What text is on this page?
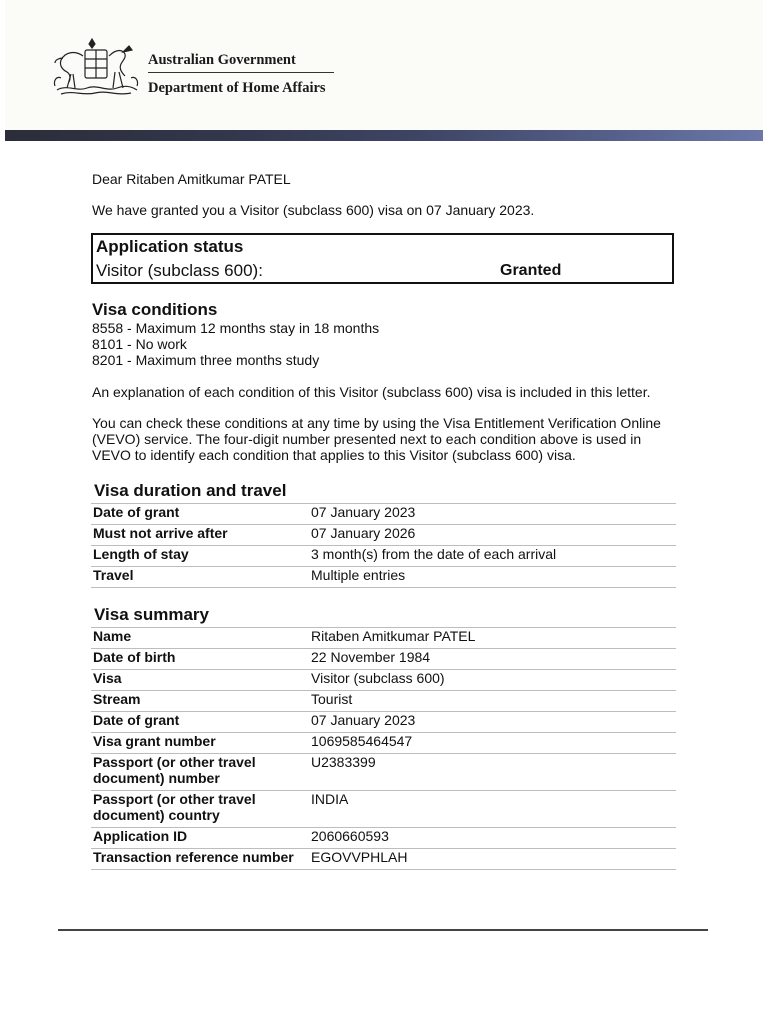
Australian Government
Department of Home Affairs
Dear Ritaben Amitkumar PATEL
We have granted you a Visitor (subclass 600) visa on 07 January 2023.
Application status
Visitor (subclass 600):	Granted
Visa conditions
8558 - Maximum 12 months stay in 18 months
8101 - No work
8201 - Maximum three months study
An explanation of each condition of this Visitor (subclass 600) visa is included in this letter.
You can check these conditions at any time by using the Visa Entitlement Verification Online
(VEVO) service. The four-digit number presented next to each condition above is used in
VEVO to identify each condition that applies to this Visitor (subclass 600) visa.
Visa duration and travel
Date of grant	07 January 2023
Must not arrive after	07 January 2026
Length of stay	3 month(s) from the date of each arrival
Travel	Multiple entries
Visa summary
Name	Ritaben Amitkumar PATEL
Date of birth	22 November 1984
Visa	Visitor (subclass 600)
Stream	Tourist
Date of grant	07 January 2023
Visa grant number	1069585464547
Passport (or other travel
document) number	U2383399
Passport (or other travel
document) country	INDIA
Application ID	2060660593
Transaction reference number	EGOVVPHLAH
